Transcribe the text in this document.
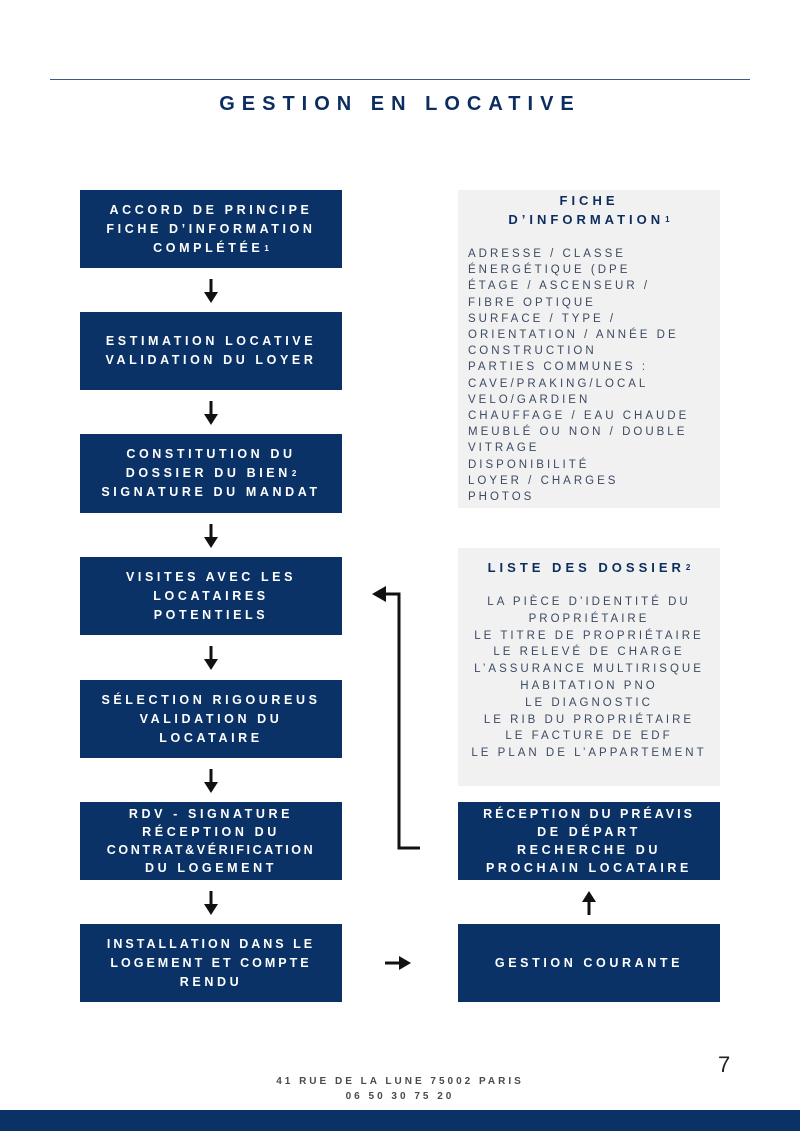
GESTION EN LOCATIVE
ACCORD DE PRINCIPE
FICHE D’INFORMATION
COMPLÉTÉE$^1$
ESTIMATION LOCATIVE
VALIDATION DU LOYER
CONSTITUTION DU
DOSSIER DU BIEN$^2$
SIGNATURE DU MANDAT
VISITES AVEC LES
LOCATAIRES
POTENTIELS
SÉLECTION RIGOUREUS
VALIDATION DU
LOCATAIRE
RDV - SIGNATURE
RÉCEPTION DU
CONTRAT&VÉRIFICATION
DU LOGEMENT
INSTALLATION DANS LE
LOGEMENT ET COMPTE
RENDU
FICHE
D’INFORMATION$^1$
ADRESSE / CLASSE
ÉNERGÉTIQUE (DPE
ÉTAGE / ASCENSEUR /
FIBRE OPTIQUE
SURFACE / TYPE /
ORIENTATION / ANNÉE DE
CONSTRUCTION
PARTIES COMMUNES :
CAVE/PRAKING/LOCAL
VELO/GARDIEN
CHAUFFAGE / EAU CHAUDE
MEUBLÉ OU NON / DOUBLE
VITRAGE
DISPONIBILITÉ
LOYER / CHARGES
PHOTOS
LISTE DES DOSSIER$^2$
LA PIÈCE D’IDENTITÉ DU
PROPRIÉTAIRE
LE TITRE DE PROPRIÉTAIRE
LE RELEVÉ DE CHARGE
L’ASSURANCE MULTIRISQUE
HABITATION PNO
LE DIAGNOSTIC
LE RIB DU PROPRIÉTAIRE
LE FACTURE DE EDF
LE PLAN DE L’APPARTEMENT
RÉCEPTION DU PRÉAVIS
DE DÉPART
RECHERCHE DU
PROCHAIN LOCATAIRE
GESTION COURANTE
7
41 RUE DE LA LUNE 75002 PARIS
06 50 30 75 20	HUARENJIE
